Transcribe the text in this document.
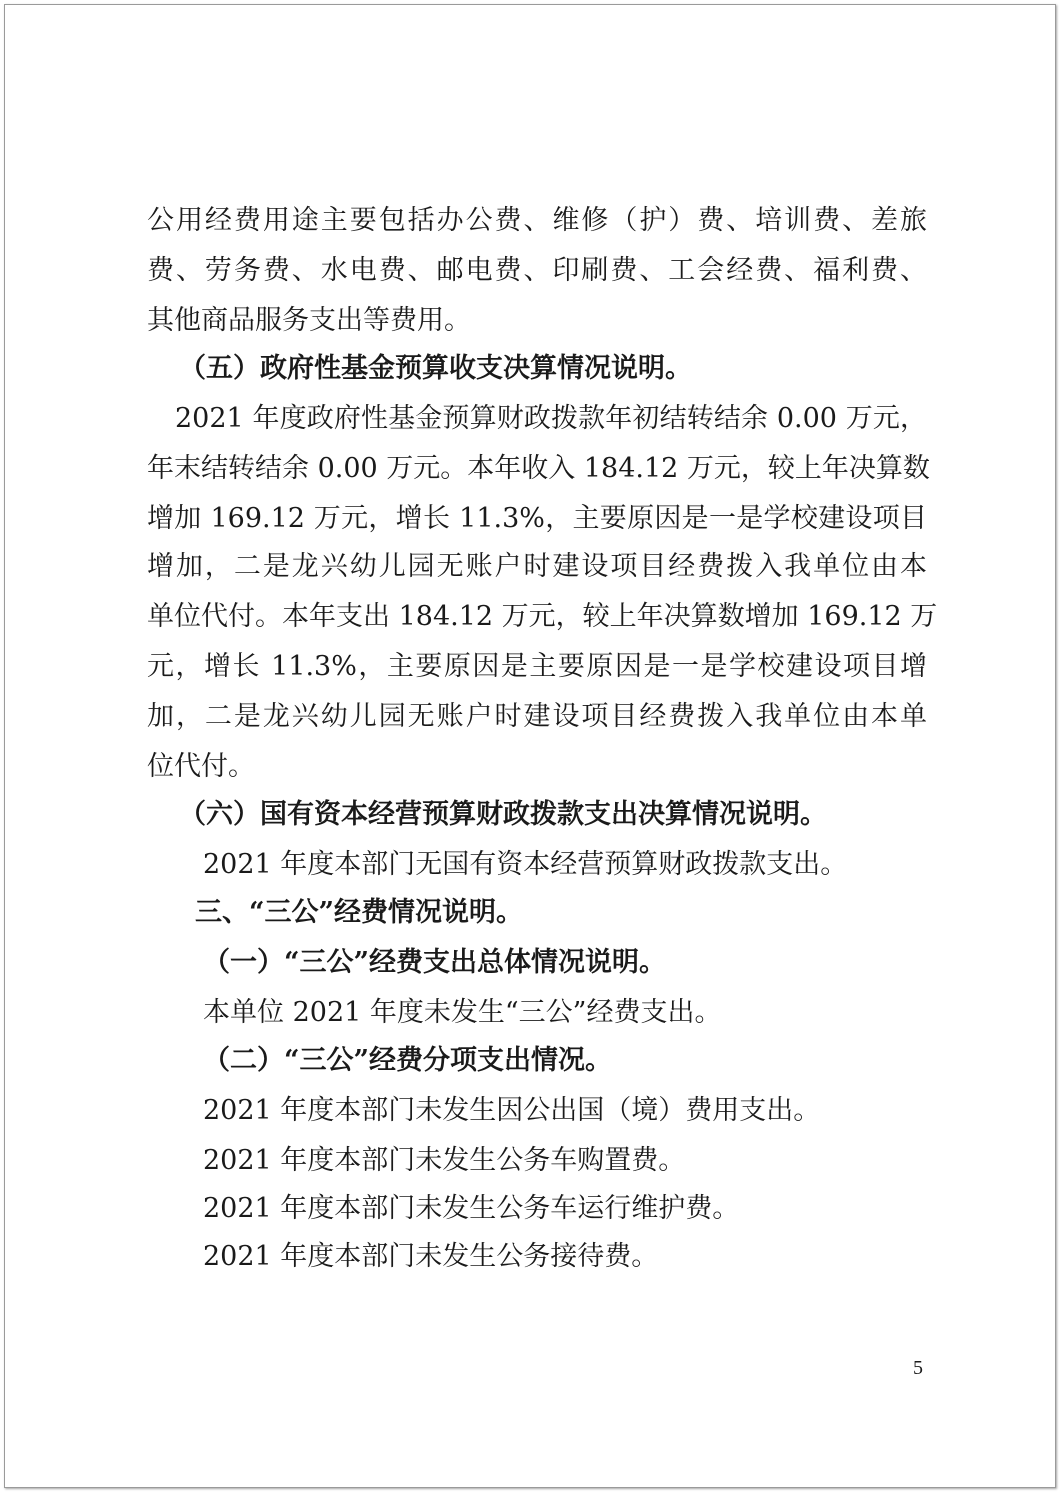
公用经费用途主要包括办公费、维修（护）费、培训费、差旅
费、劳务费、水电费、邮电费、印刷费、工会经费、福利费、
其他商品服务支出等费用。
（五）政府性基金预算收支决算情况说明。
2021 年度政府性基金预算财政拨款年初结转结余 0.00 万元，
年末结转结余 0.00 万元。本年收入 184.12 万元，较上年决算数
增加 169.12 万元，增长 11.3%，主要原因是一是学校建设项目
增加，二是龙兴幼儿园无账户时建设项目经费拨入我单位由本
单位代付。本年支出 184.12 万元，较上年决算数增加 169.12 万
元，增长 11.3%，主要原因是主要原因是一是学校建设项目增
加，二是龙兴幼儿园无账户时建设项目经费拨入我单位由本单
位代付。
（六）国有资本经营预算财政拨款支出决算情况说明。
2021 年度本部门无国有资本经营预算财政拨款支出。
三、“三公”经费情况说明。
（一）“三公”经费支出总体情况说明。
本单位 2021 年度未发生“三公”经费支出。
（二）“三公”经费分项支出情况。
2021 年度本部门未发生因公出国（境）费用支出。
2021 年度本部门未发生公务车购置费。
2021 年度本部门未发生公务车运行维护费。
2021 年度本部门未发生公务接待费。
5
